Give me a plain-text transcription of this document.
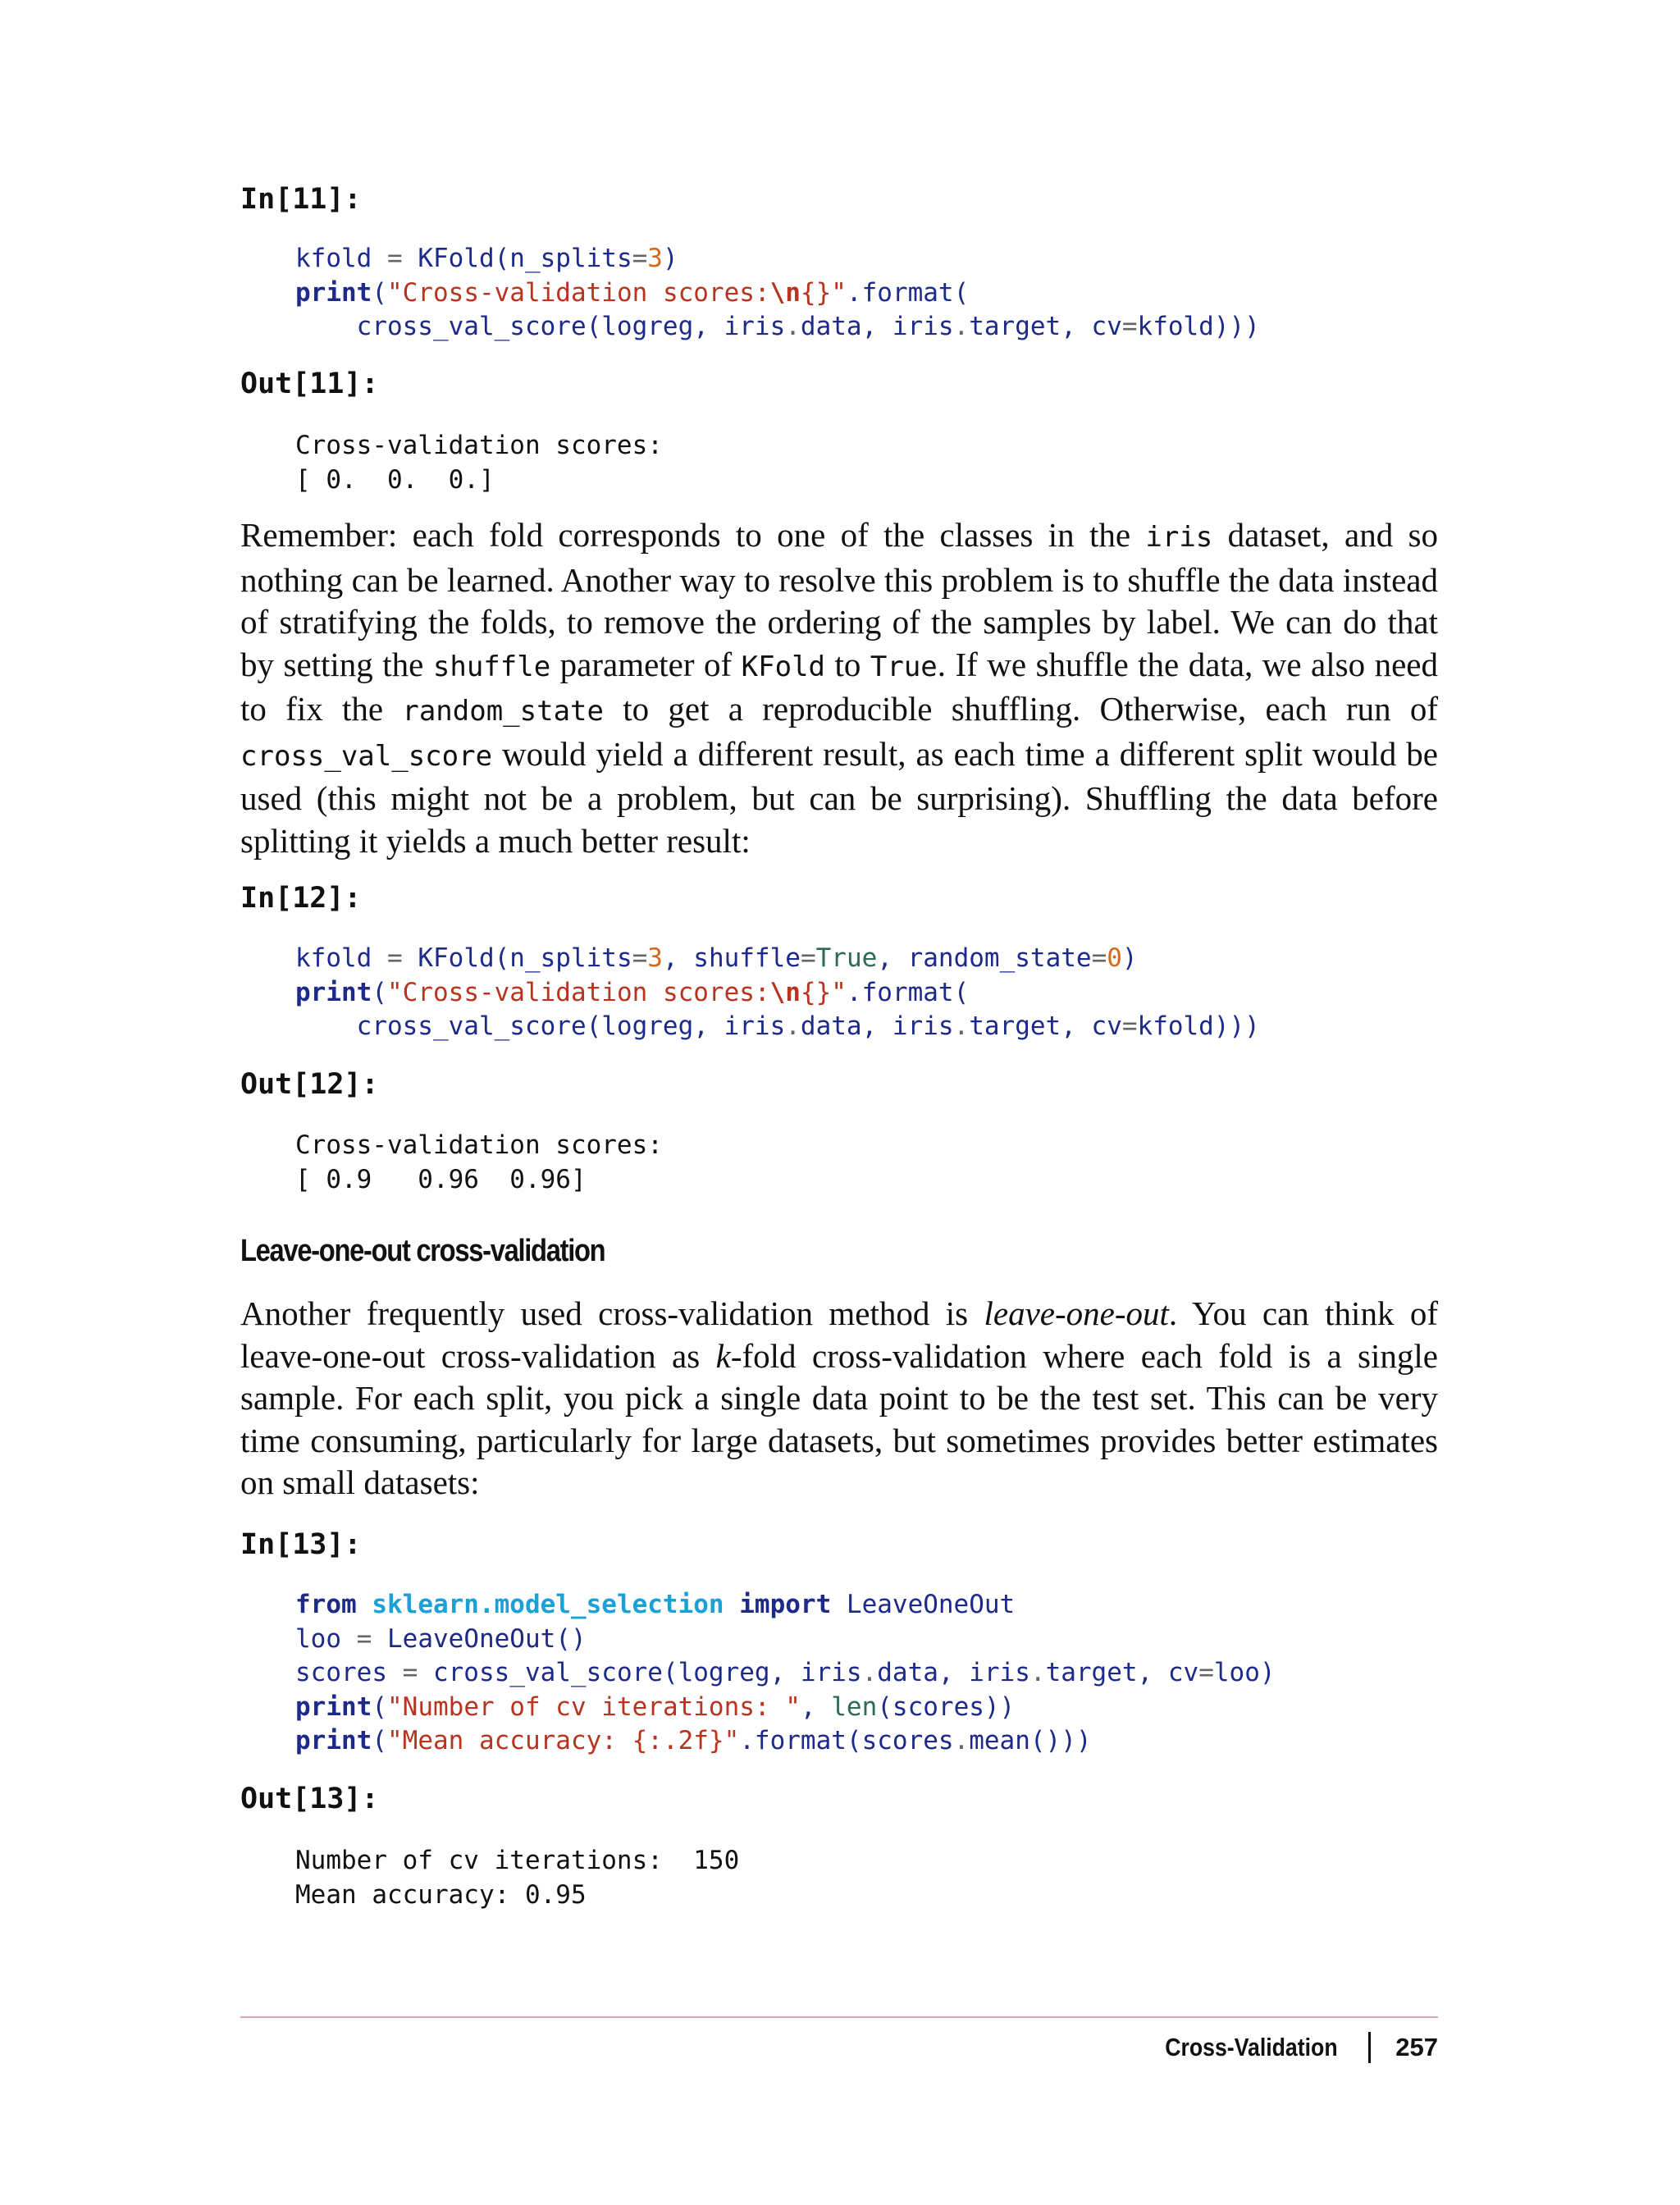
In[11]:
kfold = KFold(n_splits=3)
print("Cross-validation scores:\n{}".format(
cross_val_score(logreg, iris.data, iris.target, cv=kfold)))
Out[11]:
Cross-validation scores:
[ 0.  0.  0.]

Remember: each fold corresponds to one of the classes in the iris dataset, and so nothing can be learned. Another way to resolve this problem is to shuffle the data instead of stratifying the folds, to remove the ordering of the samples by label. We can do that by setting the shuffle parameter of KFold to True. If we shuffle the data, we also need to fix the random_state to get a reproducible shuffling. Otherwise, each run of cross_val_score would yield a different result, as each time a different split would be used (this might not be a problem, but can be surprising). Shuffling the data before splitting it yields a much better result:

In[12]:
kfold = KFold(n_splits=3, shuffle=True, random_state=0)
print("Cross-validation scores:\n{}".format(
cross_val_score(logreg, iris.data, iris.target, cv=kfold)))
Out[12]:
Cross-validation scores:
[ 0.9   0.96  0.96]
Leave-one-out cross-validation

Another frequently used cross-validation method is leave-one-out. You can think of leave-one-out cross-validation as k-fold cross-validation where each fold is a single sample. For each split, you pick a single data point to be the test set. This can be very time consuming, particularly for large datasets, but sometimes provides better estimates on small datasets:

In[13]:
from sklearn.model_selection import LeaveOneOut
loo = LeaveOneOut()
scores = cross_val_score(logreg, iris.data, iris.target, cv=loo)
print("Number of cv iterations: ", len(scores))
print("Mean accuracy: {:.2f}".format(scores.mean()))
Out[13]:
Number of cv iterations:  150
Mean accuracy: 0.95
Cross-Validation 257
